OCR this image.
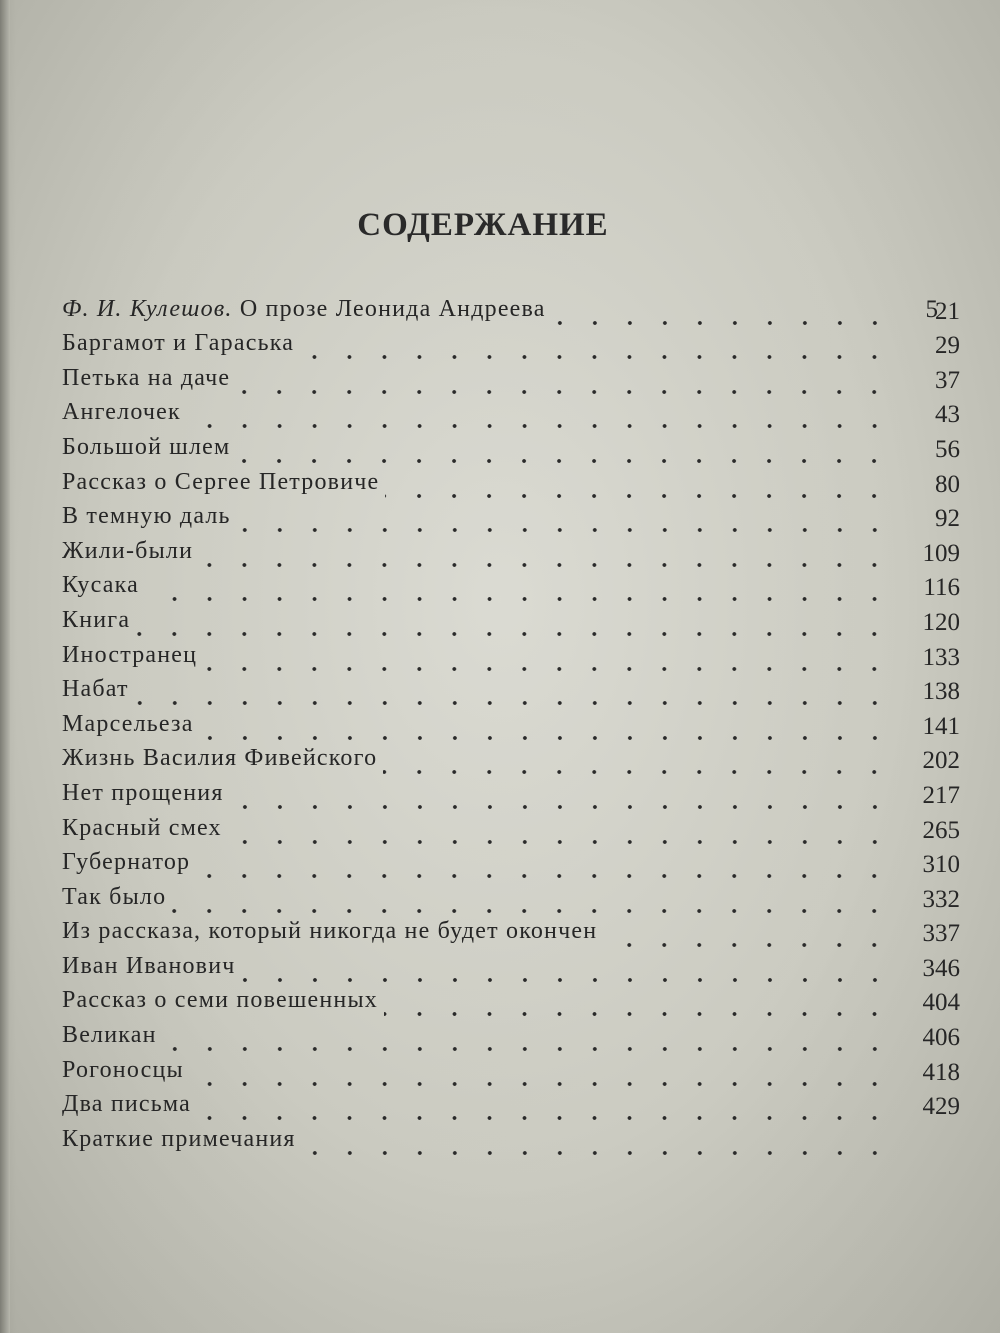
СОДЕРЖАНИЕ
5
Ф. И. Кулешов. О прозе Леонида Андреева	21
Баргамот и Гараська	29
Петька на даче	37
Ангелочек	43
Большой шлем	56
Рассказ о Сергее Петровиче	80
В темную даль	92
Жили-были	109
Кусака	116
Книга	120
Иностранец	133
Набат	138
Марсельеза	141
Жизнь Василия Фивейского	202
Нет прощения	217
Красный смех	265
Губернатор	310
Так было	332
Из рассказа, который никогда не будет окончен	337
Иван Иванович	346
Рассказ о семи повешенных	404
Великан	406
Рогоносцы	418
Два письма	429
Краткие примечания
